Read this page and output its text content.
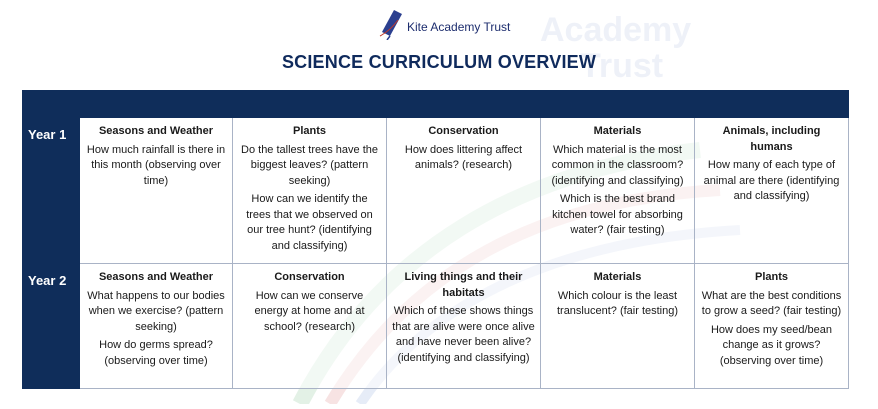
Academy
Trust
Kite Academy Trust
SCIENCE CURRICULUM OVERVIEW
Year 1	Seasons and Weather
How much rainfall is there in this month (observing over time)
Plants
Do the tallest trees have the biggest leaves? (pattern seeking)
How can we identify the trees that we observed on our tree hunt? (identifying and classifying)
Conservation
How does littering affect animals? (research)
Materials
Which material is the most common in the classroom? (identifying and classifying)
Which is the best brand kitchen towel for absorbing water? (fair testing)
Animals, including humans
How many of each type of animal are there (identifying and classifying)
Year 2	Seasons and Weather
What happens to our bodies when we exercise? (pattern seeking)
How do germs spread? (observing over time)
Conservation
How can we conserve energy at home and at school? (research)
Living things and their habitats
Which of these shows things that are alive were once alive and have never been alive? (identifying and classifying)
Materials
Which colour is the least translucent? (fair testing)
Plants
What are the best conditions to grow a seed? (fair testing)
How does my seed/bean change as it grows? (observing over time)
